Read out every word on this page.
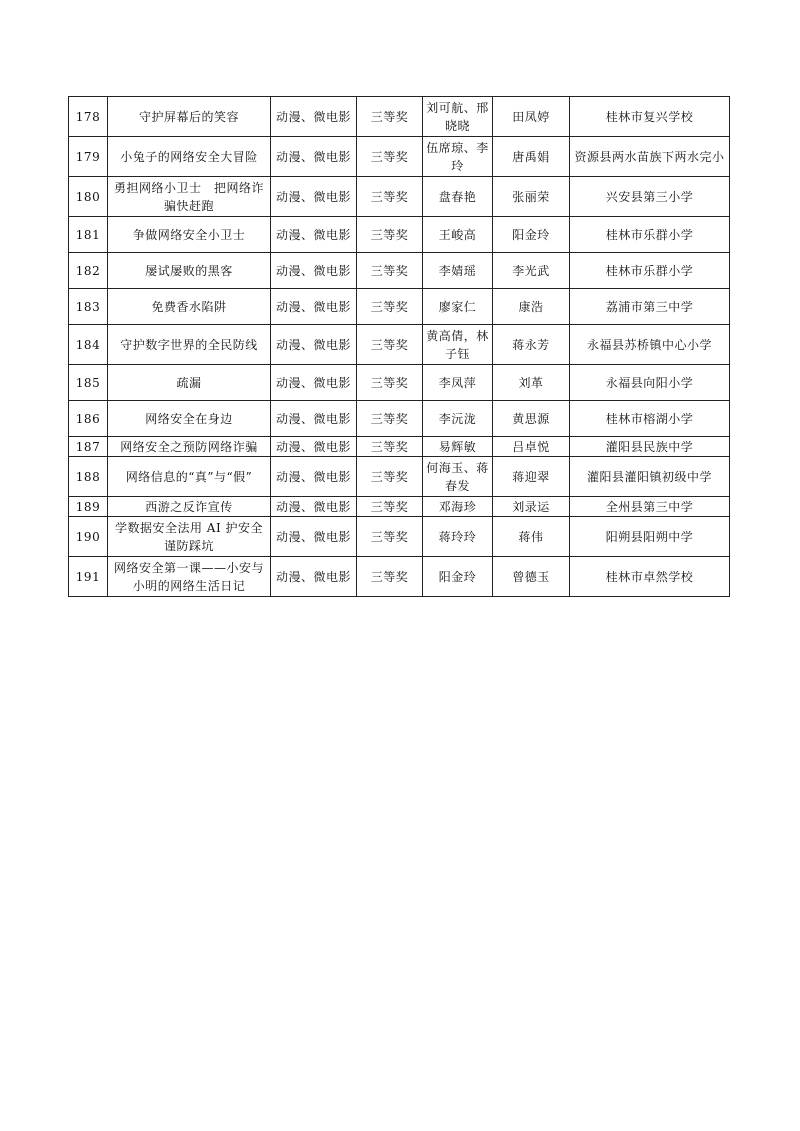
178	守护屏幕后的笑容	动漫、微电影	三等奖	刘可航、邢晓晓	田凤婷	桂林市复兴学校
179	小兔子的网络安全大冒险	动漫、微电影	三等奖	伍席琼、李玲	唐禹娟	资源县两水苗族下两水完小
180	勇担网络小卫士　把网络诈骗快赶跑	动漫、微电影	三等奖	盘春艳	张丽荣	兴安县第三小学
181	争做网络安全小卫士	动漫、微电影	三等奖	王峻高	阳金玲	桂林市乐群小学
182	屡试屡败的黑客	动漫、微电影	三等奖	李婧瑶	李光武	桂林市乐群小学
183	免费香水陷阱	动漫、微电影	三等奖	廖家仁	康浩	荔浦市第三中学
184	守护数字世界的全民防线	动漫、微电影	三等奖	黄高倩，林子钰	蒋永芳	永福县苏桥镇中心小学
185	疏漏	动漫、微电影	三等奖	李凤萍	刘革	永福县向阳小学
186	网络安全在身边	动漫、微电影	三等奖	李沅泷	黄思源	桂林市榕湖小学
187	网络安全之预防网络诈骗	动漫、微电影	三等奖	易辉敏	吕卓悦	灌阳县民族中学
188	网络信息的“真”与“假”	动漫、微电影	三等奖	何海玉、蒋春发	蒋迎翠	灌阳县灌阳镇初级中学
189	西游之反诈宣传	动漫、微电影	三等奖	邓海珍	刘录运	全州县第三中学
190	学数据安全法用 AI 护安全 谨防踩坑	动漫、微电影	三等奖	蒋玲玲	蒋伟	阳朔县阳朔中学
191	网络安全第一课——小安与小明的网络生活日记	动漫、微电影	三等奖	阳金玲	曾德玉	桂林市卓然学校
